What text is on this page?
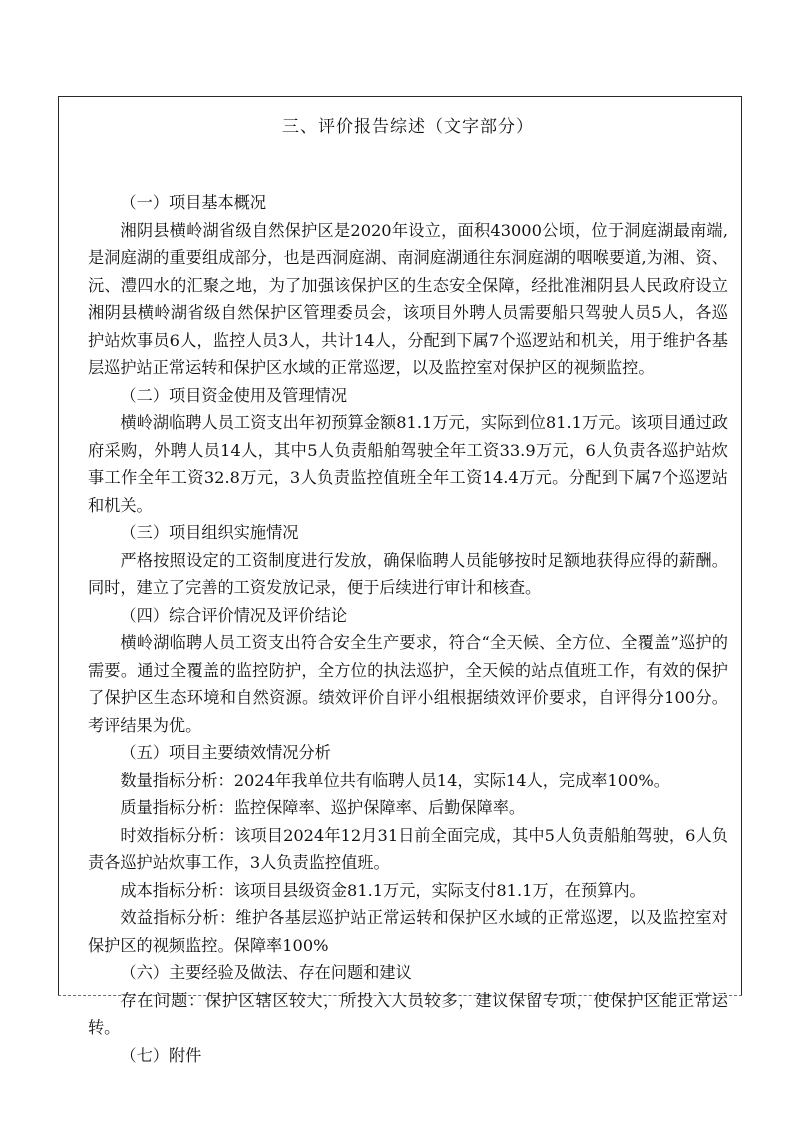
三、评价报告综述（文字部分）

（一）项目基本概况

湘阴县横岭湖省级自然保护区是2020年设立，面积43000公顷，位于洞庭湖最南端,是洞庭湖的重要组成部分，也是西洞庭湖、南洞庭湖通往东洞庭湖的咽喉要道,为湘、资、沅、澧四水的汇聚之地，为了加强该保护区的生态安全保障，经批准湘阴县人民政府设立湘阴县横岭湖省级自然保护区管理委员会，该项目外聘人员需要船只驾驶人员5人，各巡护站炊事员6人，监控人员3人，共计14人，分配到下属7个巡逻站和机关，用于维护各基层巡护站正常运转和保护区水域的正常巡逻，以及监控室对保护区的视频监控。

（二）项目资金使用及管理情况

横岭湖临聘人员工资支出年初预算金额81.1万元，实际到位81.1万元。该项目通过政府采购，外聘人员14人，其中5人负责船舶驾驶全年工资33.9万元，6人负责各巡护站炊事工作全年工资32.8万元，3人负责监控值班全年工资14.4万元。分配到下属7个巡逻站和机关。

（三）项目组织实施情况

严格按照设定的工资制度进行发放，确保临聘人员能够按时足额地获得应得的薪酬。同时，建立了完善的工资发放记录，便于后续进行审计和核查。

（四）综合评价情况及评价结论

横岭湖临聘人员工资支出符合安全生产要求，符合“全天候、全方位、全覆盖”巡护的需要。通过全覆盖的监控防护，全方位的执法巡护，全天候的站点值班工作，有效的保护了保护区生态环境和自然资源。绩效评价自评小组根据绩效评价要求，自评得分100分。考评结果为优。

（五）项目主要绩效情况分析

数量指标分析：2024年我单位共有临聘人员14，实际14人，完成率100%。

质量指标分析：监控保障率、巡护保障率、后勤保障率。

时效指标分析：该项目2024年12月31日前全面完成，其中5人负责船舶驾驶，6人负责各巡护站炊事工作，3人负责监控值班。

成本指标分析：该项目县级资金81.1万元，实际支付81.1万，在预算内。

效益指标分析：维护各基层巡护站正常运转和保护区水域的正常巡逻，以及监控室对保护区的视频监控。保障率100%

（六）主要经验及做法、存在问题和建议

存在问题：保护区辖区较大，所投入人员较多，建议保留专项，使保护区能正常运转。

（七）附件
